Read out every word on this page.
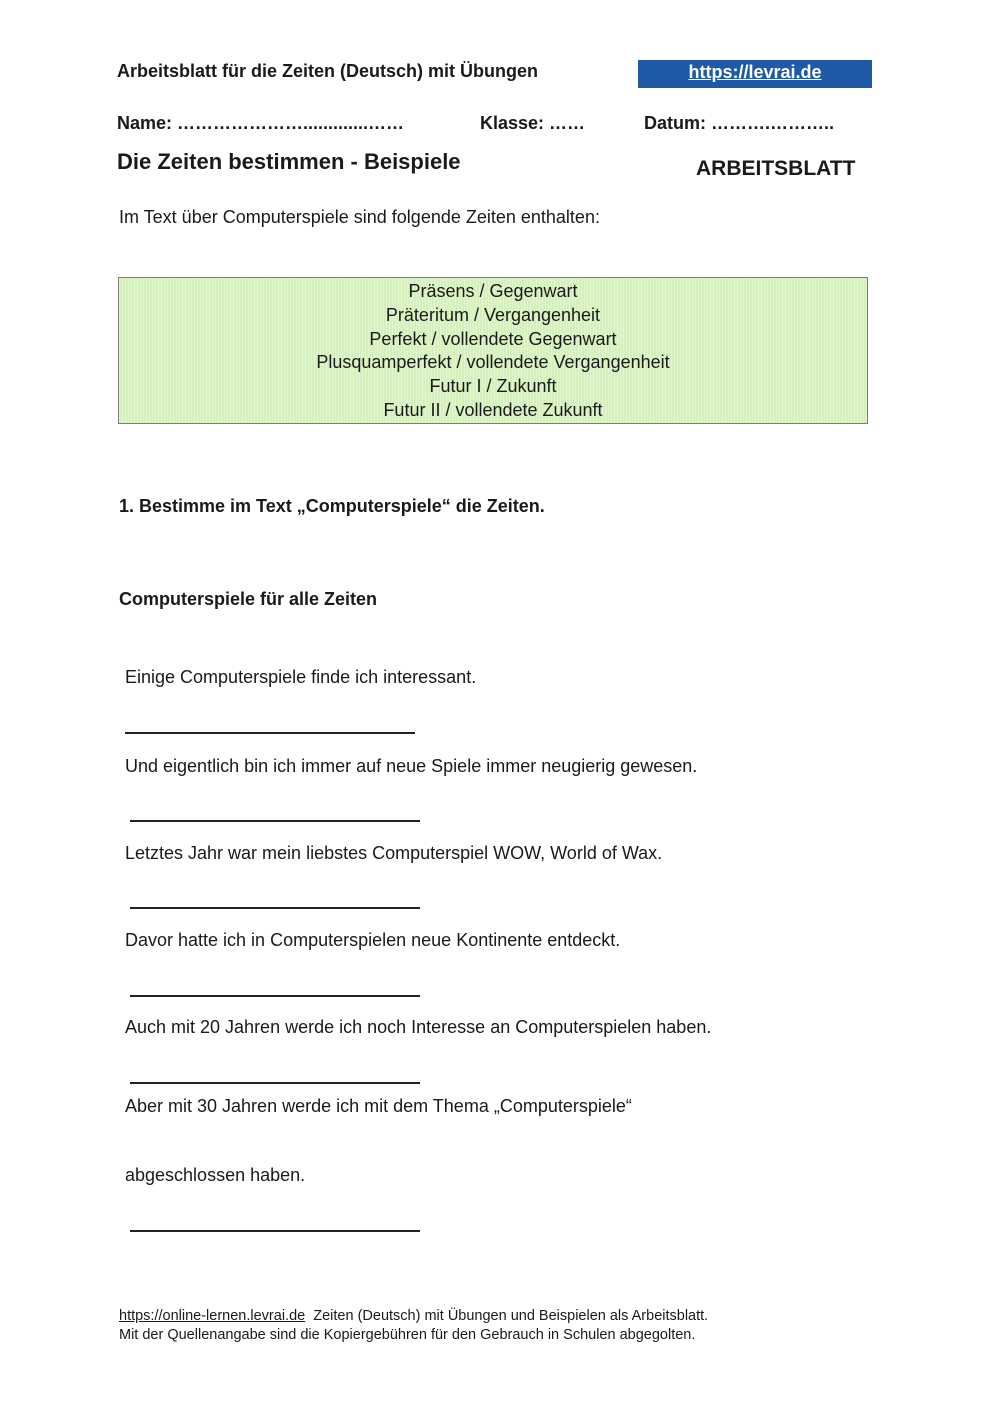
Arbeitsblatt für die Zeiten (Deutsch) mit Übungen	https://levrai.de
Name: ………………….............……	Klasse: ……	Datum: ……….………..
Die Zeiten bestimmen - Beispiele	ARBEITSBLATT
Im Text über Computerspiele sind folgende Zeiten enthalten:
Präsens / Gegenwart
Präteritum / Vergangenheit
Perfekt / vollendete Gegenwart
Plusquamperfekt / vollendete Vergangenheit
Futur I / Zukunft
Futur II / vollendete Zukunft
1. Bestimme im Text „Computerspiele“ die Zeiten.
Computerspiele für alle Zeiten
Einige Computerspiele finde ich interessant.
Und eigentlich bin ich immer auf neue Spiele immer neugierig gewesen.
Letztes Jahr war mein liebstes Computerspiel WOW, World of Wax.
Davor hatte ich in Computerspielen neue Kontinente entdeckt.
Auch mit 20 Jahren werde ich noch Interesse an Computerspielen haben.
Aber mit 30 Jahren werde ich mit dem Thema „Computerspiele“
abgeschlossen haben.
https://online-lernen.levrai.de  Zeiten (Deutsch) mit Übungen und Beispielen als Arbeitsblatt.
Mit der Quellenangabe sind die Kopiergebühren für den Gebrauch in Schulen abgegolten.
